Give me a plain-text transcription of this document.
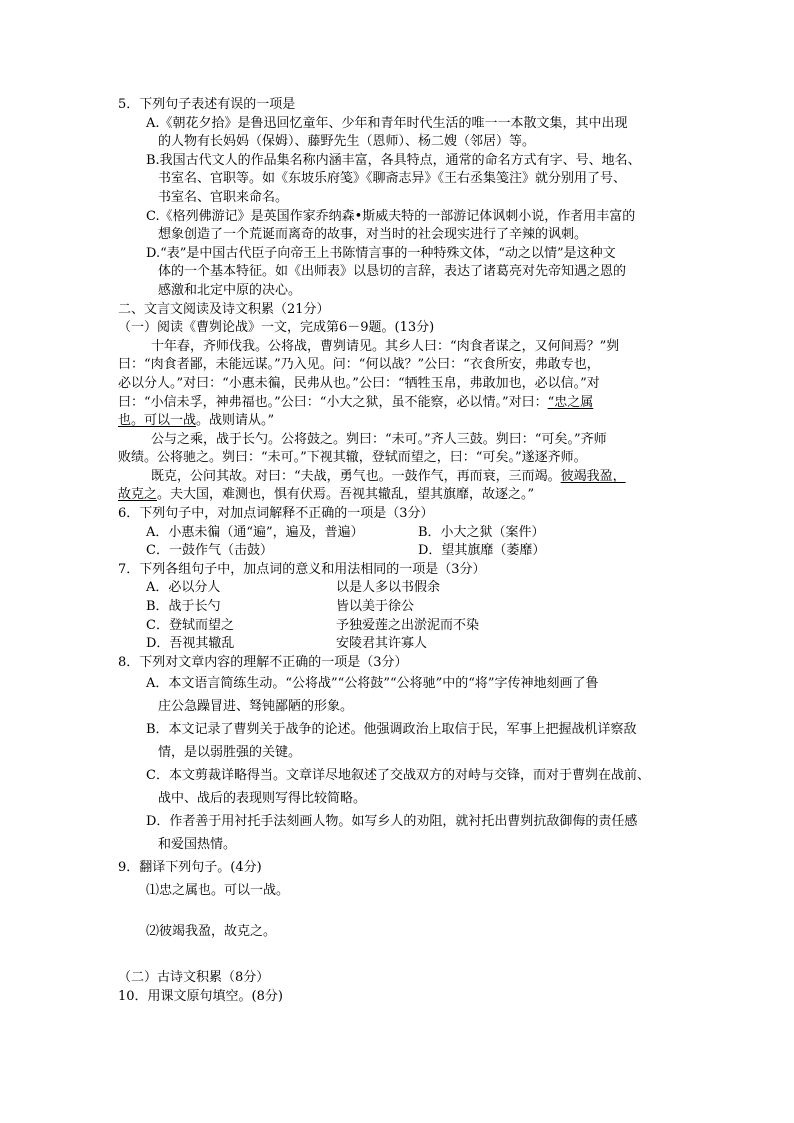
5．下列句子表述有误的一项是
A.《朝花夕拾》是鲁迅回忆童年、少年和青年时代生活的唯一一本散文集，其中出现
的人物有长妈妈（保姆）、藤野先生（恩师）、杨二嫂（邻居）等。
B.我国古代文人的作品集名称内涵丰富，各具特点，通常的命名方式有字、号、地名、
书室名、官职等。如《东坡乐府笺》《聊斋志异》《王右丞集笺注》就分别用了号、
书室名、官职来命名。
C.《格列佛游记》是英国作家乔纳森•斯威夫特的一部游记体讽刺小说，作者用丰富的
想象创造了一个荒诞而离奇的故事，对当时的社会现实进行了辛辣的讽刺。
D.“表”是中国古代臣子向帝王上书陈情言事的一种特殊文体，“动之以情”是这种文
体的一个基本特征。如《出师表》以恳切的言辞，表达了诸葛亮对先帝知遇之恩的
感激和北定中原的决心。
二、文言文阅读及诗文积累（21分）
（一）阅读《曹刿论战》一文，完成第6－9题。(13分)
十年春，齐师伐我。公将战，曹刿请见。其乡人曰：“肉食者谋之，又何间焉？”刿
曰：“肉食者鄙，未能远谋。”乃入见。问：“何以战？”公曰：“衣食所安，弗敢专也，
必以分人。”对曰：“小惠未徧，民弗从也。”公曰：“牺牲玉帛，弗敢加也，必以信。”对
曰：“小信未孚，神弗福也。”公曰：“小大之狱，虽不能察，必以情。”对曰：“忠之属
也。可以一战。战则请从。”
公与之乘，战于长勺。公将鼓之。刿曰：“未可。”齐人三鼓。刿曰：“可矣。”齐师
败绩。公将驰之。刿曰：“未可。”下视其辙，登轼而望之，曰：“可矣。”遂逐齐师。
既克，公问其故。对曰：“夫战，勇气也。一鼓作气，再而衰，三而竭。彼竭我盈，
故克之。夫大国，难测也，惧有伏焉。吾视其辙乱，望其旗靡，故逐之。”
6．下列句子中，对加点词解释不正确的一项是（3分）
A．小惠未徧（通“遍”，遍及，普遍）	B．小大之狱（案件）
C．一鼓作气（击鼓）	D．望其旗靡（萎靡）
7．下列各组句子中，加点词的意义和用法相同的一项是（3分）
A．必以分人	以是人多以书假余
B．战于长勺	皆以美于徐公
C．登轼而望之	予独爱莲之出淤泥而不染
D．吾视其辙乱	安陵君其许寡人
8．下列对文章内容的理解不正确的一项是（3分）
A．本文语言简练生动。“公将战”“公将鼓”“公将驰”中的“将”字传神地刻画了鲁
庄公急躁冒进、驽钝鄙陋的形象。
B．本文记录了曹刿关于战争的论述。他强调政治上取信于民，军事上把握战机详察敌
情，是以弱胜强的关键。
C．本文剪裁详略得当。文章详尽地叙述了交战双方的对峙与交锋，而对于曹刿在战前、
战中、战后的表现则写得比较简略。
D．作者善于用衬托手法刻画人物。如写乡人的劝阻，就衬托出曹刿抗敌御侮的责任感
和爱国热情。
9．翻译下列句子。(4分)
⑴忠之属也。可以一战。
⑵彼竭我盈，故克之。
（二）古诗文积累（8分）
10．用课文原句填空。(8分)
